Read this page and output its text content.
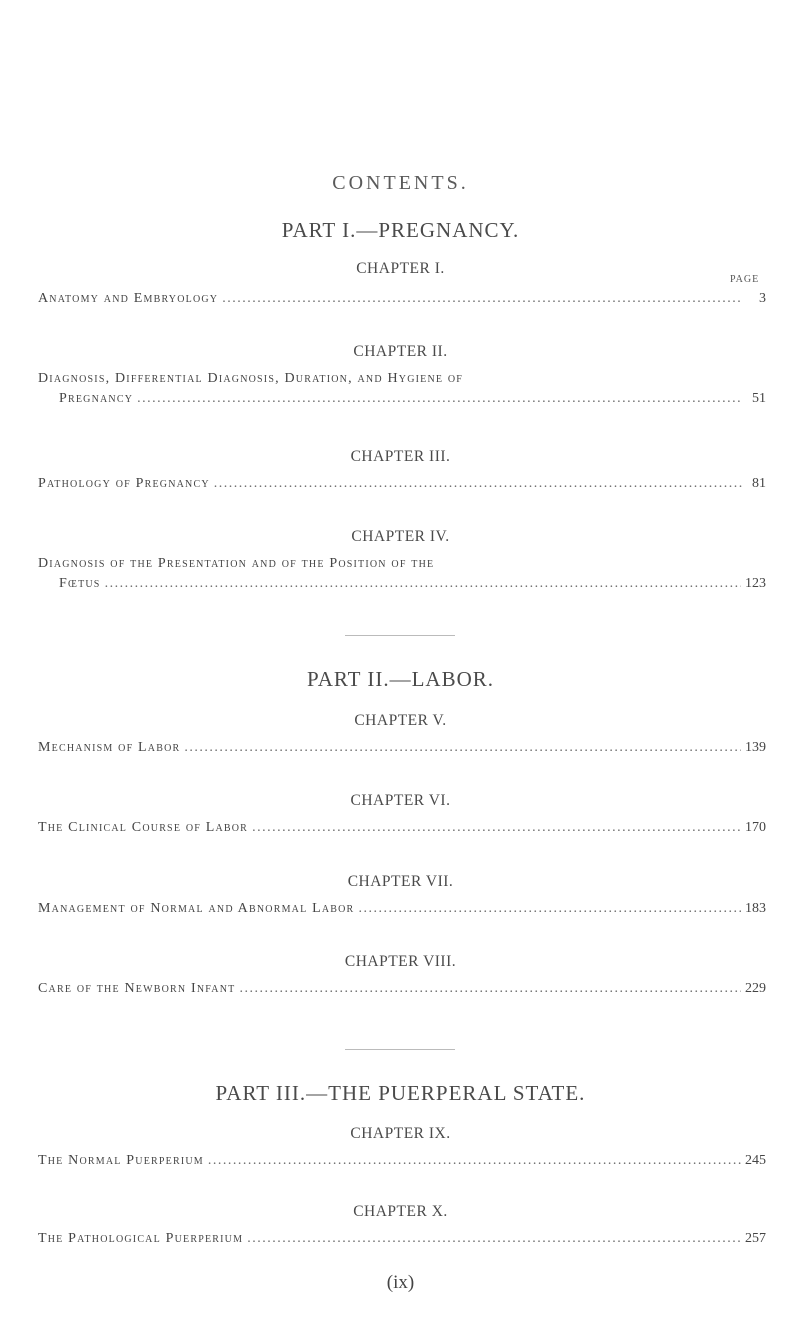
CONTENTS.
PART I.—PREGNANCY.
CHAPTER I.
PAGE
Anatomy and Embryology . . .	3
CHAPTER II.
Diagnosis, Differential Diagnosis, Duration, and Hygiene of
Pregnancy . . .	51
CHAPTER III.
Pathology of Pregnancy . . .	81
CHAPTER IV.
Diagnosis of the Presentation and of the Position of the
Fœtus . . .	123
PART II.—LABOR.
CHAPTER V.
Mechanism of Labor . . .	139
CHAPTER VI.
The Clinical Course of Labor . . .	170
CHAPTER VII.
Management of Normal and Abnormal Labor . . .	183
CHAPTER VIII.
Care of the Newborn Infant . . .	229
PART III.—THE PUERPERAL STATE.
CHAPTER IX.
The Normal Puerperium . . .	245
CHAPTER X.
The Pathological Puerperium . . .	257
(ix)
